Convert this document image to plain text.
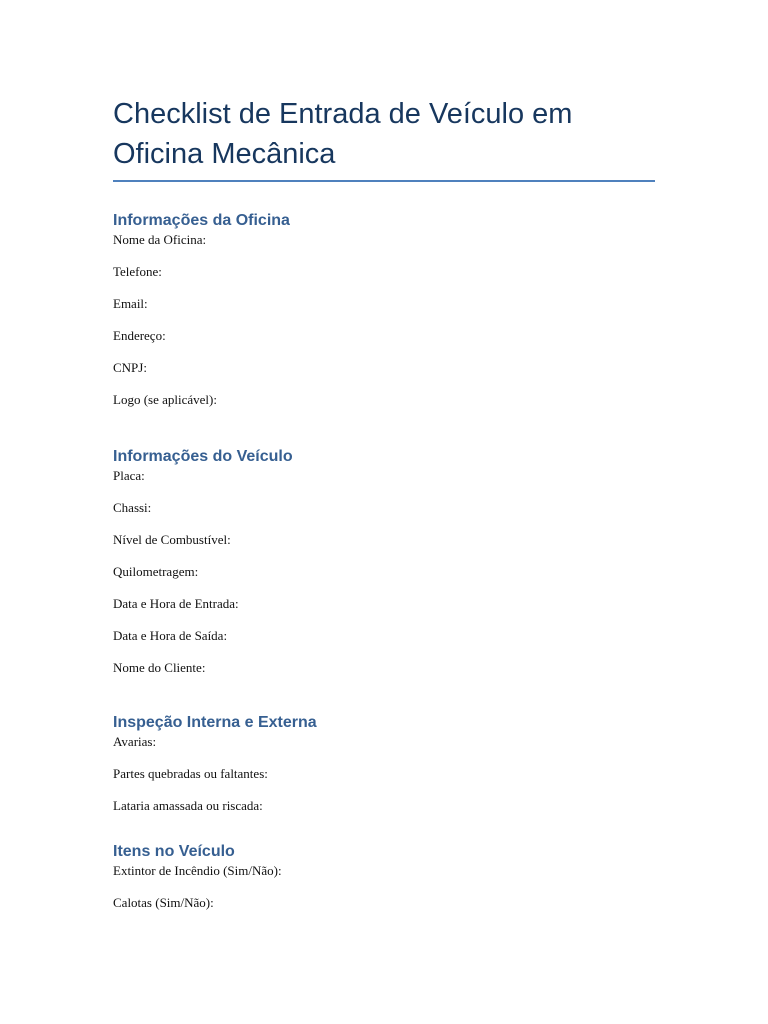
Checklist de Entrada de Veículo em Oficina Mecânica
Informações da Oficina

Nome da Oficina:

Telefone:

Email:

Endereço:

CNPJ:

Logo (se aplicável):

Informações do Veículo

Placa:

Chassi:

Nível de Combustível:

Quilometragem:

Data e Hora de Entrada:

Data e Hora de Saída:

Nome do Cliente:

Inspeção Interna e Externa

Avarias:

Partes quebradas ou faltantes:

Lataria amassada ou riscada:

Itens no Veículo

Extintor de Incêndio (Sim/Não):

Calotas (Sim/Não):
